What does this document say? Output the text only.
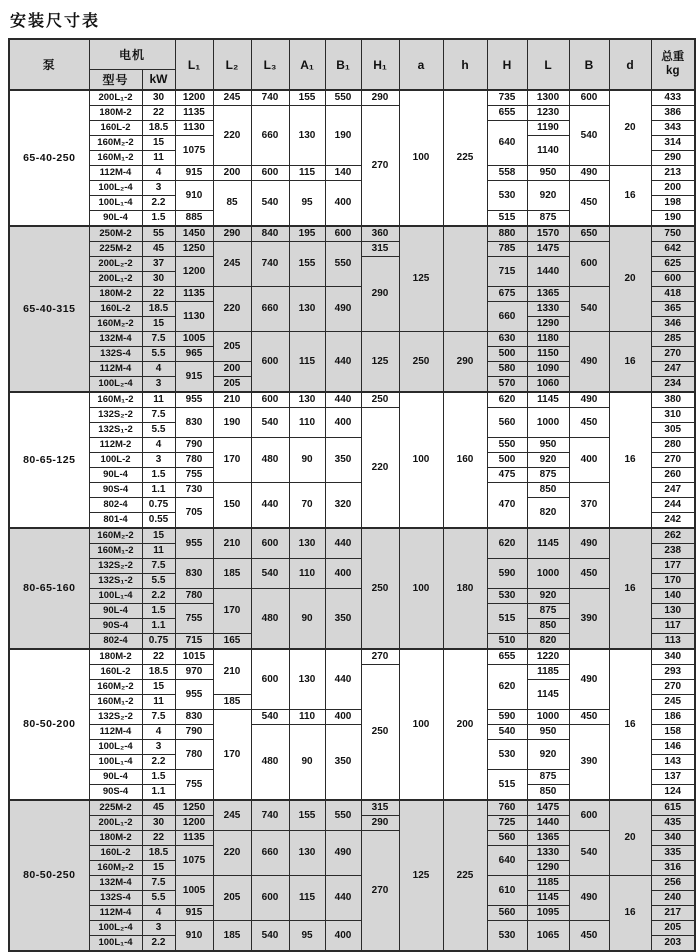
安装尺寸表
泵	电机		L₁	L₂	L₃	A₁	B₁	H₁	a	h	H	L	B	d	总重
kg

	型号	kW													
65-40-250	200L₁-2	30	1200	245	740	155	550	290	100	225	735	1300	600	20	433
	180M-2	22	1135	220	660	130	190	270			655	1230	540		386
	160L-2	18.5	1130								640	1190			343
	160M₂-2	15	1075									1140			314
	160M₁-2	11													290
	112M-4	4	915	200	600	115	140				558	950	490	16	213
	100L₂-4	3	910	85	540	95	400				530	920	450		200
	100L₁-4	2.2													198
	90L-4	1.5	885								515	875			190
65-40-315	250M-2	55	1450	290	840	195	600	360	125		880	1570	650	20	750
	225M-2	45	1250	245	740	155	550	315			785	1475	600		642
	200L₂-2	37	1200					290			715	1440			625
	200L₁-2	30													600
	180M-2	22	1135	220	660	130	490				675	1365	540		418
	160L-2	18.5	1130								660	1330			365
	160M₂-2	15										1290			346
	132M-4	7.5	1005	205	600	115	440	125	250	290	630	1180	490	16	285
	132S-4	5.5	965								500	1150			270
	112M-4	4	915	200							580	1090			247
	100L₂-4	3		205							570	1060			234
80-65-125	160M₁-2	11	955	210	600	130	440	250	100	160	620	1145	490	16	380
	132S₂-2	7.5	830	190	540	110	400	220			560	1000	450		310
	132S₁-2	5.5													305
	112M-2	4	790	170	480	90	350				550	950	400		280
	100L-2	3	780								500	920			270
	90L-4	1.5	755								475	875			260
	90S-4	1.1	730	150	440	70	320				470	850	370		247
	802-4	0.75	705									820			244
	801-4	0.55													242
80-65-160	160M₂-2	15	955	210	600	130	440	250	100	180	620	1145	490	16	262
	160M₁-2	11													238
	132S₂-2	7.5	830	185	540	110	400				590	1000	450		177
	132S₁-2	5.5													170
	100L₁-4	2.2	780	170	480	90	350				530	920	390		140
	90L-4	1.5	755								515	875			130
	90S-4	1.1										850			117
	802-4	0.75	715	165							510	820			113
80-50-200	180M-2	22	1015	210	600	130	440	270	100	200	655	1220	490	16	340
	160L-2	18.5	970					250			620	1185			293
	160M₂-2	15	955									1145			270
	160M₁-2	11		185											245
	132S₂-2	7.5	830	170	540	110	400				590	1000	450		186
	112M-4	4	790		480	90	350				540	950	390		158
	100L₂-4	3	780								530	920			146
	100L₁-4	2.2													143
	90L-4	1.5	755								515	875			137
	90S-4	1.1										850			124
80-50-250	225M-2	45	1250	245	740	155	550	315	125	225	760	1475	600	20	615
	200L₁-2	30	1200					290			725	1440			435
	180M-2	22	1135	220	660	130	490	270			560	1365	540		340
	160L-2	18.5	1075								640	1330			335
	160M₂-2	15										1290			316
	132M-4	7.5	1005	205	600	115	440				610	1185	490	16	256
	132S-4	5.5										1145			240
	112M-4	4	915								560	1095			217
	100L₂-4	3	910	185	540	95	400				530	1065	450		205
	100L₁-4	2.2													203
